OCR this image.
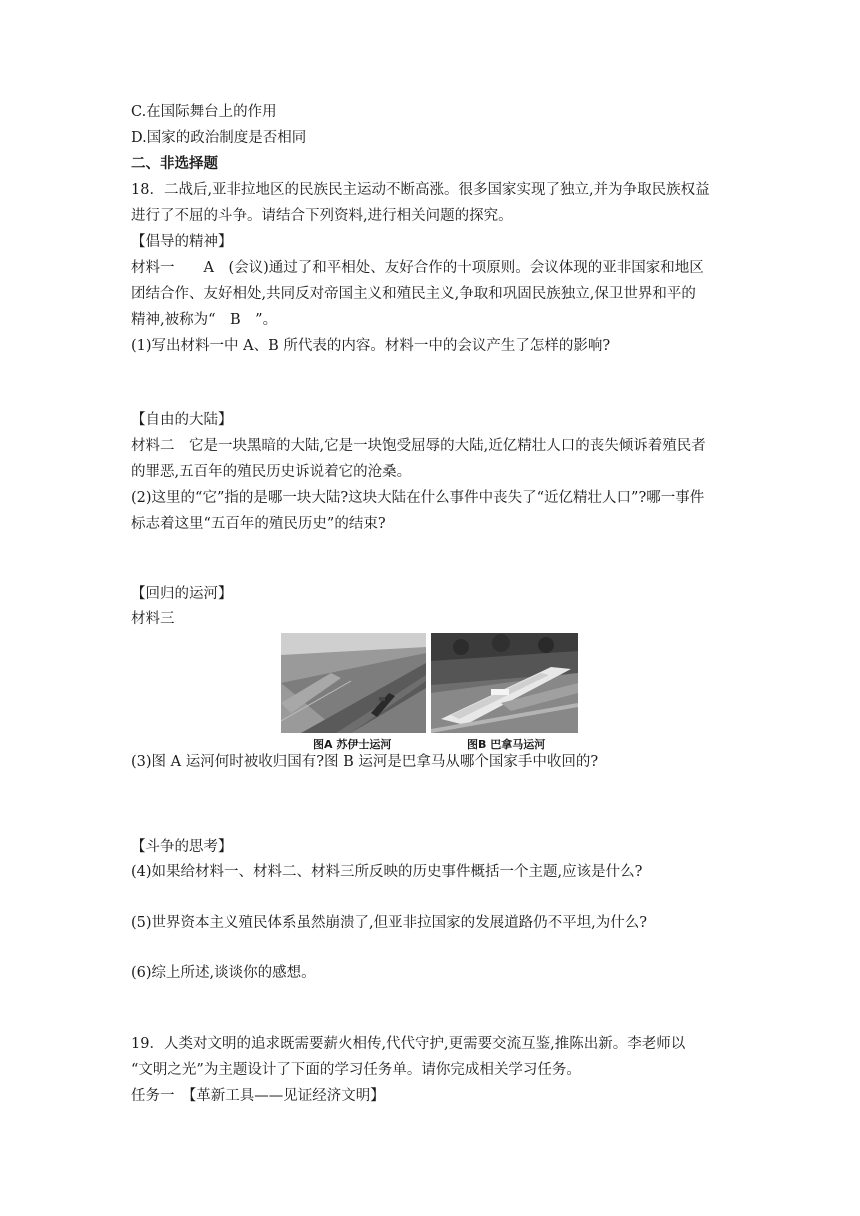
C.在国际舞台上的作用
D.国家的政治制度是否相同
二、非选择题
18．二战后,亚非拉地区的民族民主运动不断高涨。很多国家实现了独立,并为争取民族权益
进行了不屈的斗争。请结合下列资料,进行相关问题的探究。
【倡导的精神】
材料一　　A　(会议)通过了和平相处、友好合作的十项原则。会议体现的亚非国家和地区
团结合作、友好相处,共同反对帝国主义和殖民主义,争取和巩固民族独立,保卫世界和平的
精神,被称为“　B　”。
(1)写出材料一中 A、B 所代表的内容。材料一中的会议产生了怎样的影响?
【自由的大陆】
材料二　它是一块黑暗的大陆,它是一块饱受屈辱的大陆,近亿精壮人口的丧失倾诉着殖民者
的罪恶,五百年的殖民历史诉说着它的沧桑。
(2)这里的“它”指的是哪一块大陆?这块大陆在什么事件中丧失了“近亿精壮人口”?哪一事件
标志着这里“五百年的殖民历史”的结束?
【回归的运河】
材料三
图A 苏伊士运河	图B 巴拿马运河
(3)图 A 运河何时被收归国有?图 B 运河是巴拿马从哪个国家手中收回的?
【斗争的思考】
(4)如果给材料一、材料二、材料三所反映的历史事件概括一个主题,应该是什么?
(5)世界资本主义殖民体系虽然崩溃了,但亚非拉国家的发展道路仍不平坦,为什么?
(6)综上所述,谈谈你的感想。
19．人类对文明的追求既需要薪火相传,代代守护,更需要交流互鉴,推陈出新。李老师以
“文明之光”为主题设计了下面的学习任务单。请你完成相关学习任务。
任务一　【革新工具——见证经济文明】
